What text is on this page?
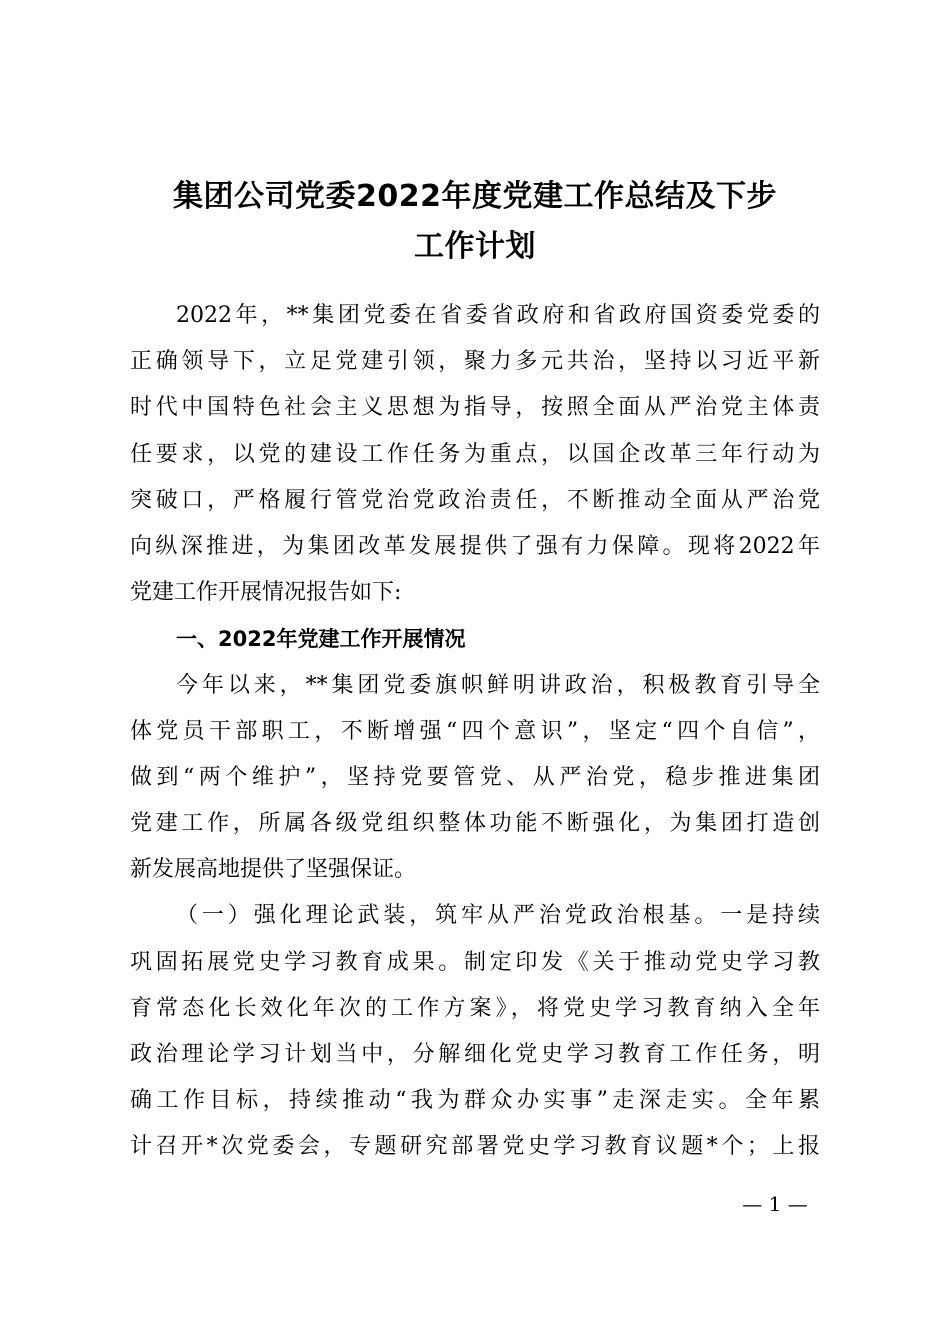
集团公司党委2022年度党建工作总结及下步
工作计划
2022年，**集团党委在省委省政府和省政府国资委党委的
正确领导下，立足党建引领，聚力多元共治，坚持以习近平新
时代中国特色社会主义思想为指导，按照全面从严治党主体责
任要求，以党的建设工作任务为重点，以国企改革三年行动为
突破口，严格履行管党治党政治责任，不断推动全面从严治党
向纵深推进，为集团改革发展提供了强有力保障。现将2022年
党建工作开展情况报告如下:
一、2022年党建工作开展情况
今年以来，**集团党委旗帜鲜明讲政治，积极教育引导全
体党员干部职工，不断增强“四个意识”，坚定“四个自信”，
做到“两个维护”，坚持党要管党、从严治党，稳步推进集团
党建工作，所属各级党组织整体功能不断强化，为集团打造创
新发展高地提供了坚强保证。
（一）强化理论武装，筑牢从严治党政治根基。一是持续
巩固拓展党史学习教育成果。制定印发《关于推动党史学习教
育常态化长效化年次的工作方案》，将党史学习教育纳入全年
政治理论学习计划当中，分解细化党史学习教育工作任务，明
确工作目标，持续推动“我为群众办实事”走深走实。全年累
计召开*次党委会，专题研究部署党史学习教育议题*个；上报
— 1 —
